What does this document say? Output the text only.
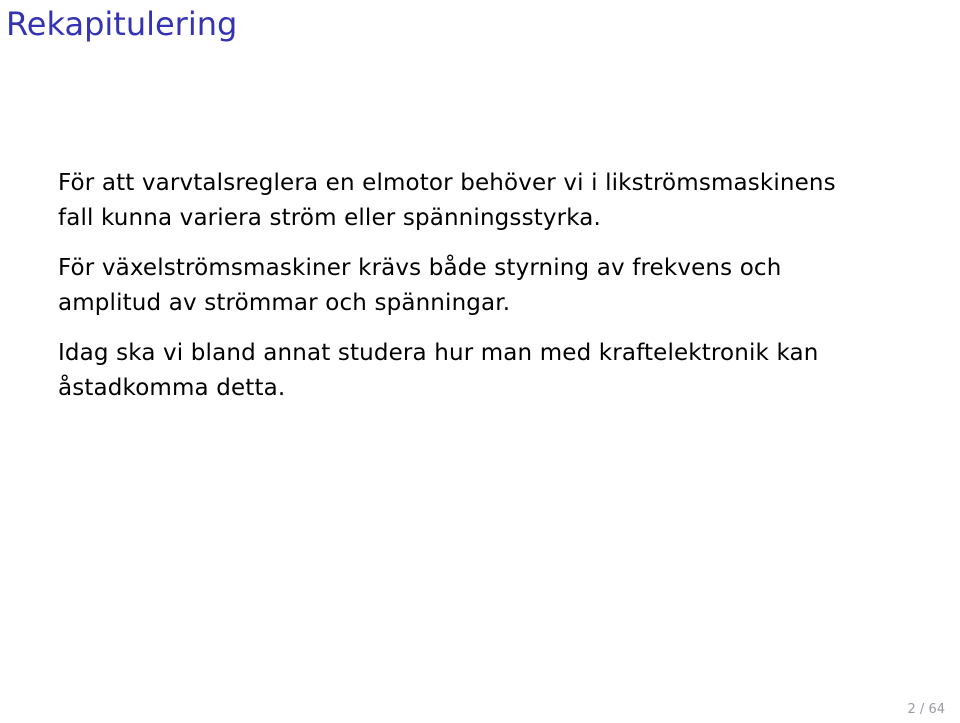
Rekapitulering

För att varvtalsreglera en elmotor behöver vi i likströmsmaskinens
fall kunna variera ström eller spänningsstyrka.

För växelströmsmaskiner krävs både styrning av frekvens och
amplitud av strömmar och spänningar.

Idag ska vi bland annat studera hur man med kraftelektronik kan
åstadkomma detta.

2 / 64
